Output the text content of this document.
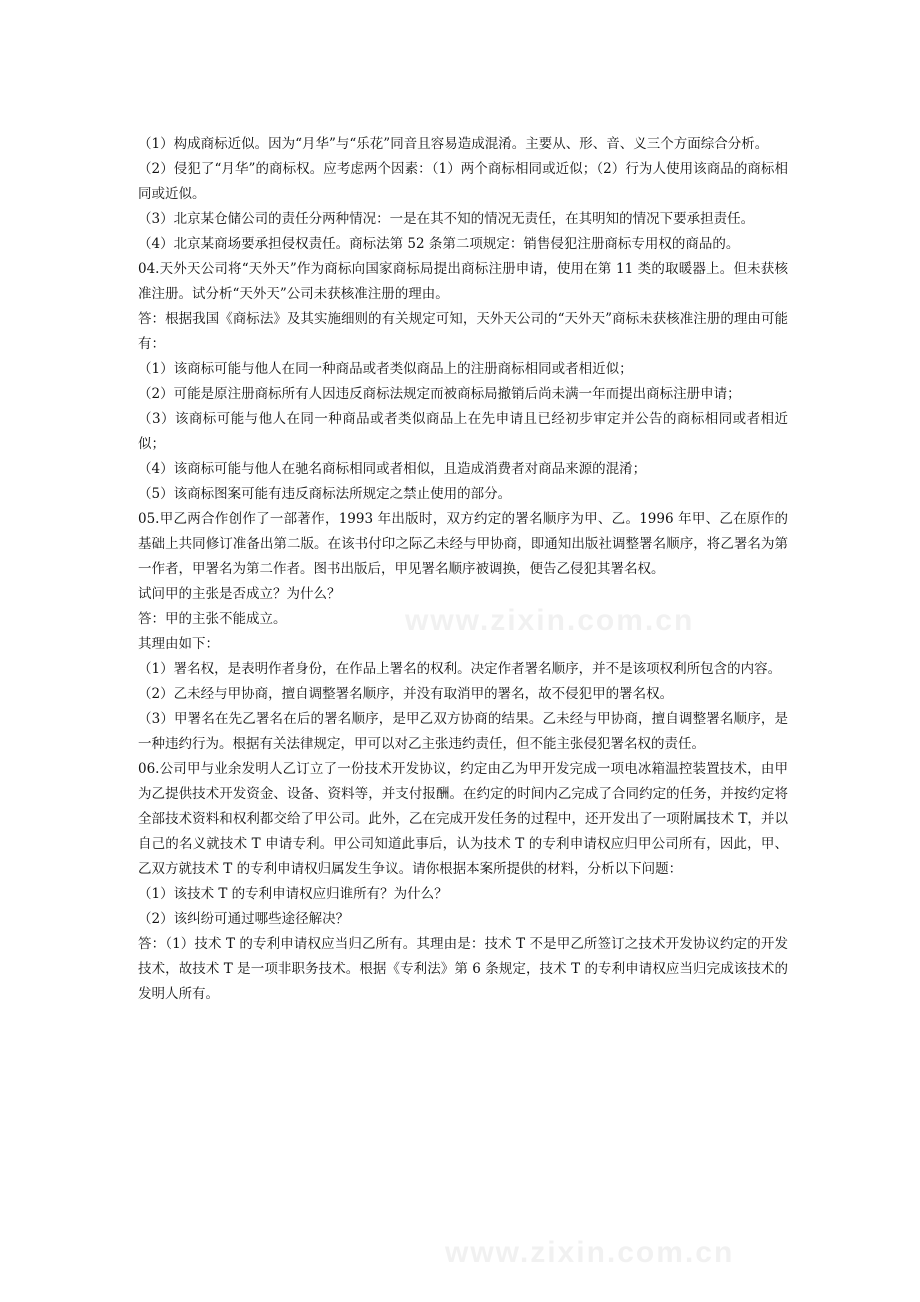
（1）构成商标近似。因为“月华”与“乐花”同音且容易造成混淆。主要从、形、音、义三个方面综合分析。

（2）侵犯了“月华”的商标权。应考虑两个因素：（1）两个商标相同或近似；（2）行为人使用该商品的商标相同或近似。

（3）北京某仓储公司的责任分两种情况：一是在其不知的情况无责任，在其明知的情况下要承担责任。

（4）北京某商场要承担侵权责任。商标法第 52 条第二项规定：销售侵犯注册商标专用权的商品的。

04.天外天公司将“天外天”作为商标向国家商标局提出商标注册申请，使用在第 11 类的取暖器上。但未获核准注册。试分析“天外天”公司未获核准注册的理由。

答：根据我国《商标法》及其实施细则的有关规定可知，天外天公司的“天外天”商标未获核准注册的理由可能有：

（1）该商标可能与他人在同一种商品或者类似商品上的注册商标相同或者相近似；

（2）可能是原注册商标所有人因违反商标法规定而被商标局撤销后尚未满一年而提出商标注册申请；

（3）该商标可能与他人在同一种商品或者类似商品上在先申请且已经初步审定并公告的商标相同或者相近似；

（4）该商标可能与他人在驰名商标相同或者相似，且造成消费者对商品来源的混淆；

（5）该商标图案可能有违反商标法所规定之禁止使用的部分。

05.甲乙两合作创作了一部著作，1993 年出版时，双方约定的署名顺序为甲、乙。1996 年甲、乙在原作的基础上共同修订准备出第二版。在该书付印之际乙未经与甲协商，即通知出版社调整署名顺序，将乙署名为第一作者，甲署名为第二作者。图书出版后，甲见署名顺序被调换，便告乙侵犯其署名权。

试问甲的主张是否成立？为什么？

答：甲的主张不能成立。

其理由如下：

（1）署名权，是表明作者身份，在作品上署名的权利。决定作者署名顺序，并不是该项权利所包含的内容。

（2）乙未经与甲协商，擅自调整署名顺序，并没有取消甲的署名，故不侵犯甲的署名权。

（3）甲署名在先乙署名在后的署名顺序，是甲乙双方协商的结果。乙未经与甲协商，擅自调整署名顺序，是一种违约行为。根据有关法律规定，甲可以对乙主张违约责任，但不能主张侵犯署名权的责任。

06.公司甲与业余发明人乙订立了一份技术开发协议，约定由乙为甲开发完成一项电冰箱温控装置技术，由甲为乙提供技术开发资金、设备、资料等，并支付报酬。在约定的时间内乙完成了合同约定的任务，并按约定将全部技术资料和权利都交给了甲公司。此外，乙在完成开发任务的过程中，还开发出了一项附属技术 T，并以自己的名义就技术 T 申请专利。甲公司知道此事后，认为技术 T 的专利申请权应归甲公司所有，因此，甲、乙双方就技术 T 的专利申请权归属发生争议。请你根据本案所提供的材料，分析以下问题：

（1）该技术 T 的专利申请权应归谁所有？为什么？

（2）该纠纷可通过哪些途径解决？

答：（1）技术 T 的专利申请权应当归乙所有。其理由是：技术 T 不是甲乙所签订之技术开发协议约定的开发技术，故技术 T 是一项非职务技术。根据《专利法》第 6 条规定，技术 T 的专利申请权应当归完成该技术的发明人所有。

www.zixin.com.cn
www.zixin.com.cn
